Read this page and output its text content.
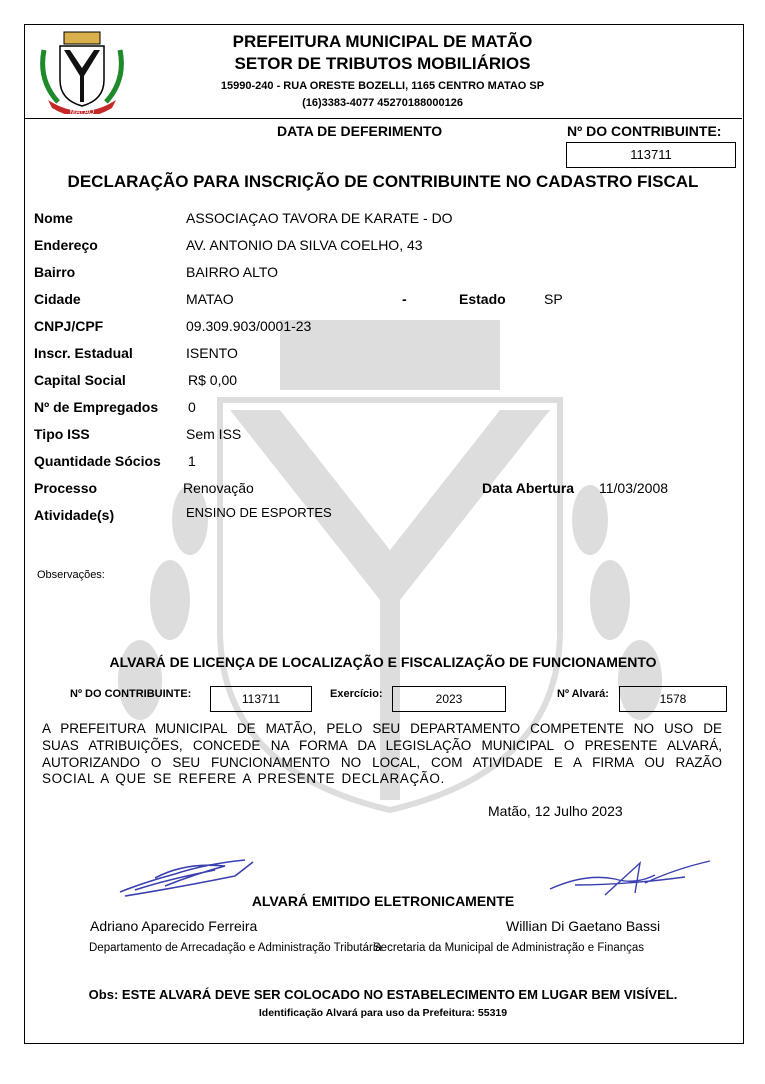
MATÃO
PREFEITURA MUNICIPAL DE MATÃO
SETOR DE TRIBUTOS MOBILIÁRIOS
15990-240 - RUA ORESTE BOZELLI, 1165 CENTRO MATAO SP
(16)3383-4077 45270188000126
DATA DE DEFERIMENTO	Nº DO CONTRIBUINTE:
113711
DECLARAÇÃO PARA INSCRIÇÃO DE CONTRIBUINTE NO CADASTRO FISCAL
Nome	ASSOCIAÇAO TAVORA DE KARATE - DO
Endereço	AV. ANTONIO DA SILVA COELHO, 43
Bairro	BAIRRO ALTO
Cidade	MATAO	-	Estado	SP
CNPJ/CPF	09.309.903/0001-23
Inscr. Estadual	ISENTO
Capital Social	R$ 0,00
Nº de Empregados 0
Tipo ISS	Sem ISS
Quantidade Sócios 1
Processo	Renovação	Data Abertura 11/03/2008
Atividade(s)	ENSINO DE ESPORTES
Observações:
ALVARÁ DE LICENÇA DE LOCALIZAÇÃO E FISCALIZAÇÃO DE FUNCIONAMENTO
Nº DO CONTRIBUINTE:	113711	Exercício:	2023	Nº Alvará:	1578
A PREFEITURA MUNICIPAL DE MATÃO, PELO SEU DEPARTAMENTO COMPETENTE NO USO DE
SUAS ATRIBUIÇÕES, CONCEDE NA FORMA DA LEGISLAÇÃO MUNICIPAL O PRESENTE ALVARÁ,
AUTORIZANDO O SEU FUNCIONAMENTO NO LOCAL, COM ATIVIDADE E A FIRMA OU RAZÃO
SOCIAL A QUE SE REFERE A PRESENTE DECLARAÇÃO.
Matão, 12 Julho 2023
ALVARÁ EMITIDO ELETRONICAMENTE
Adriano Aparecido Ferreira	Willian Di Gaetano Bassi
Departamento de Arrecadação e Administração Tributária
Secretaria da Municipal de Administração e Finanças
Obs: ESTE ALVARÁ DEVE SER COLOCADO NO ESTABELECIMENTO EM LUGAR BEM VISÍVEL.
Identificação Alvará para uso da Prefeitura: 55319
